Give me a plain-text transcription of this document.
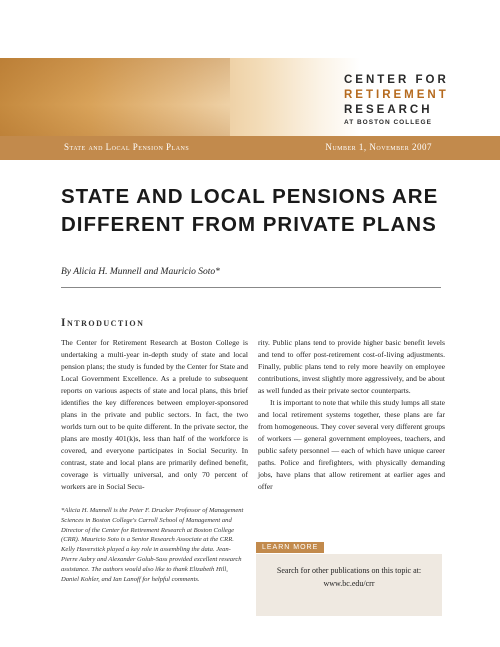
CENTER FOR
RETIREMENT
RESEARCH
AT BOSTON COLLEGE
State and Local Pension Plans	Number 1, November 2007
STATE AND LOCAL PENSIONS ARE
DIFFERENT FROM PRIVATE PLANS
By Alicia H. Munnell and Mauricio Soto*
Introduction

The Center for Retirement Research at Boston College is undertaking a multi-year in-depth study of state and local pension plans; the study is funded by the Center for State and Local Government Excellence. As a prelude to subsequent reports on various aspects of state and local plans, this brief identifies the key differences between employer-sponsored plans in the private and public sectors. In fact, the two worlds turn out to be quite different. In the private sector, the plans are mostly 401(k)s, less than half of the workforce is covered, and everyone participates in Social Security. In contrast, state and local plans are primarily defined benefit, coverage is virtually universal, and only 70 percent of workers are in Social Secu-

rity. Public plans tend to provide higher basic benefit levels and tend to offer post-retirement cost-of-living adjustments. Finally, public plans tend to rely more heavily on employee contributions, invest slightly more aggressively, and be about as well funded as their private sector counterparts.

It is important to note that while this study lumps all state and local retirement systems together, these plans are far from homogeneous. They cover several very different groups of workers — general government employees, teachers, and public safety personnel — each of which have unique career paths. Police and firefighters, with physically demanding jobs, have plans that allow retirement at earlier ages and offer

*Alicia H. Munnell is the Peter F. Drucker Professor of Management Sciences in Boston College's Carroll School of Management and Director of the Center for Retirement Research at Boston College (CRR). Mauricio Soto is a Senior Research Associate at the CRR. Kelly Haverstick played a key role in assembling the data. Jean-Pierre Aubry and Alexander Golub-Sass provided excellent research assistance. The authors would also like to thank Elizabeth Hill, Daniel Kohler, and Ian Lanoff for helpful comments.
LEARN MORE
Search for other publications on this topic at:
www.bc.edu/crr
